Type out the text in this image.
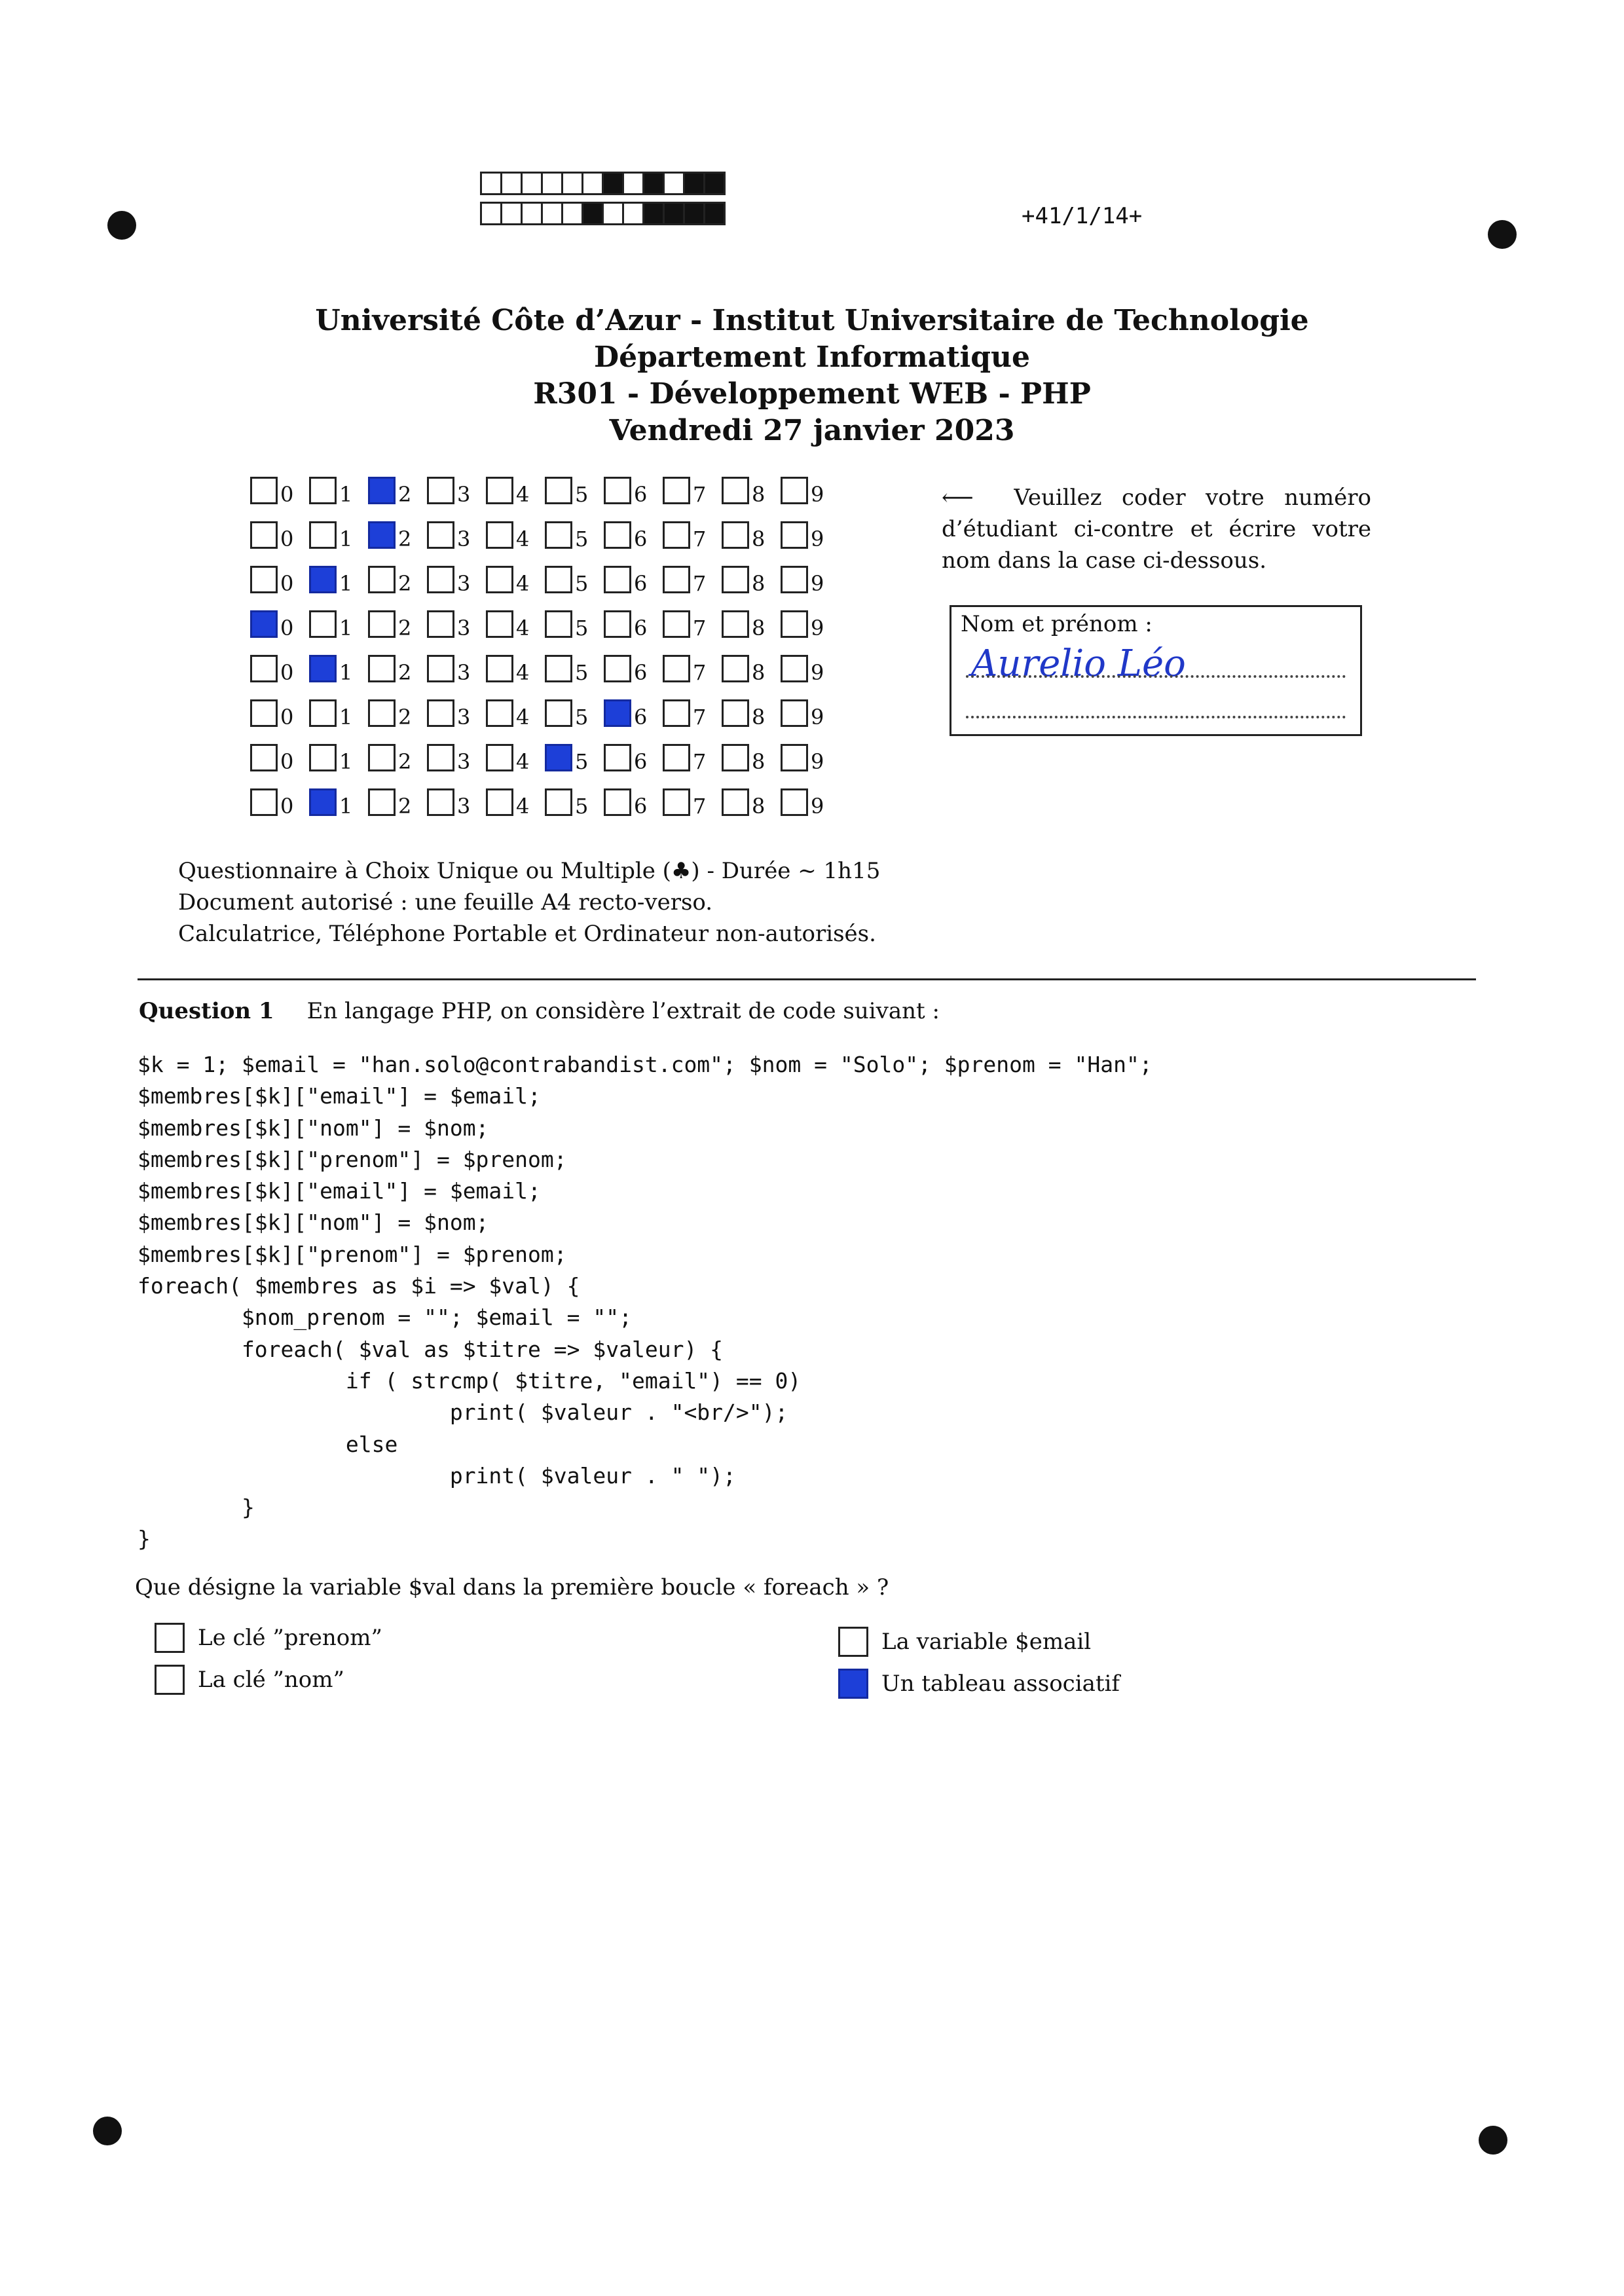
+41/1/14+
Université Côte d’Azur - Institut Universitaire de Technologie
Département Informatique
R301 - Développement WEB - PHP
Vendredi 27 janvier 2023
0 1 2 3 4 5 6 7 8 9
0 1 2 3 4 5 6 7 8 9
0 1 2 3 4 5 6 7 8 9
0 1 2 3 4 5 6 7 8 9
0 1 2 3 4 5 6 7 8 9
0 1 2 3 4 5 6 7 8 9
0 1 2 3 4 5 6 7 8 9
0 1 2 3 4 5 6 7 8 9
⟵ Veuillez coder votre numéro d’étudiant ci-contre et écrire votre nom dans la case ci-dessous.
Nom et prénom :
Aurelio Léo
Questionnaire à Choix Unique ou Multiple (♣) - Durée ∼ 1h15
Document autorisé : une feuille A4 recto-verso.
Calculatrice, Téléphone Portable et Ordinateur non-autorisés.
Question 1 En langage PHP, on considère l’extrait de code suivant :
$k = 1; $email = "han.solo@contrabandist.com"; $nom = "Solo"; $prenom = "Han";
$membres[$k]["email"] = $email;
$membres[$k]["nom"] = $nom;
$membres[$k]["prenom"] = $prenom;
$membres[$k]["email"] = $email;
$membres[$k]["nom"] = $nom;
$membres[$k]["prenom"] = $prenom;
foreach( $membres as $i => $val) {
$nom_prenom = ""; $email = "";
foreach( $val as $titre => $valeur) {
if ( strcmp( $titre, "email") == 0)
print( $valeur . "<br/>");
else
print( $valeur . " ");
}
}
Que désigne la variable $val dans la première boucle « foreach » ?
Le clé ”prenom”
La clé ”nom”
La variable $email
Un tableau associatif
